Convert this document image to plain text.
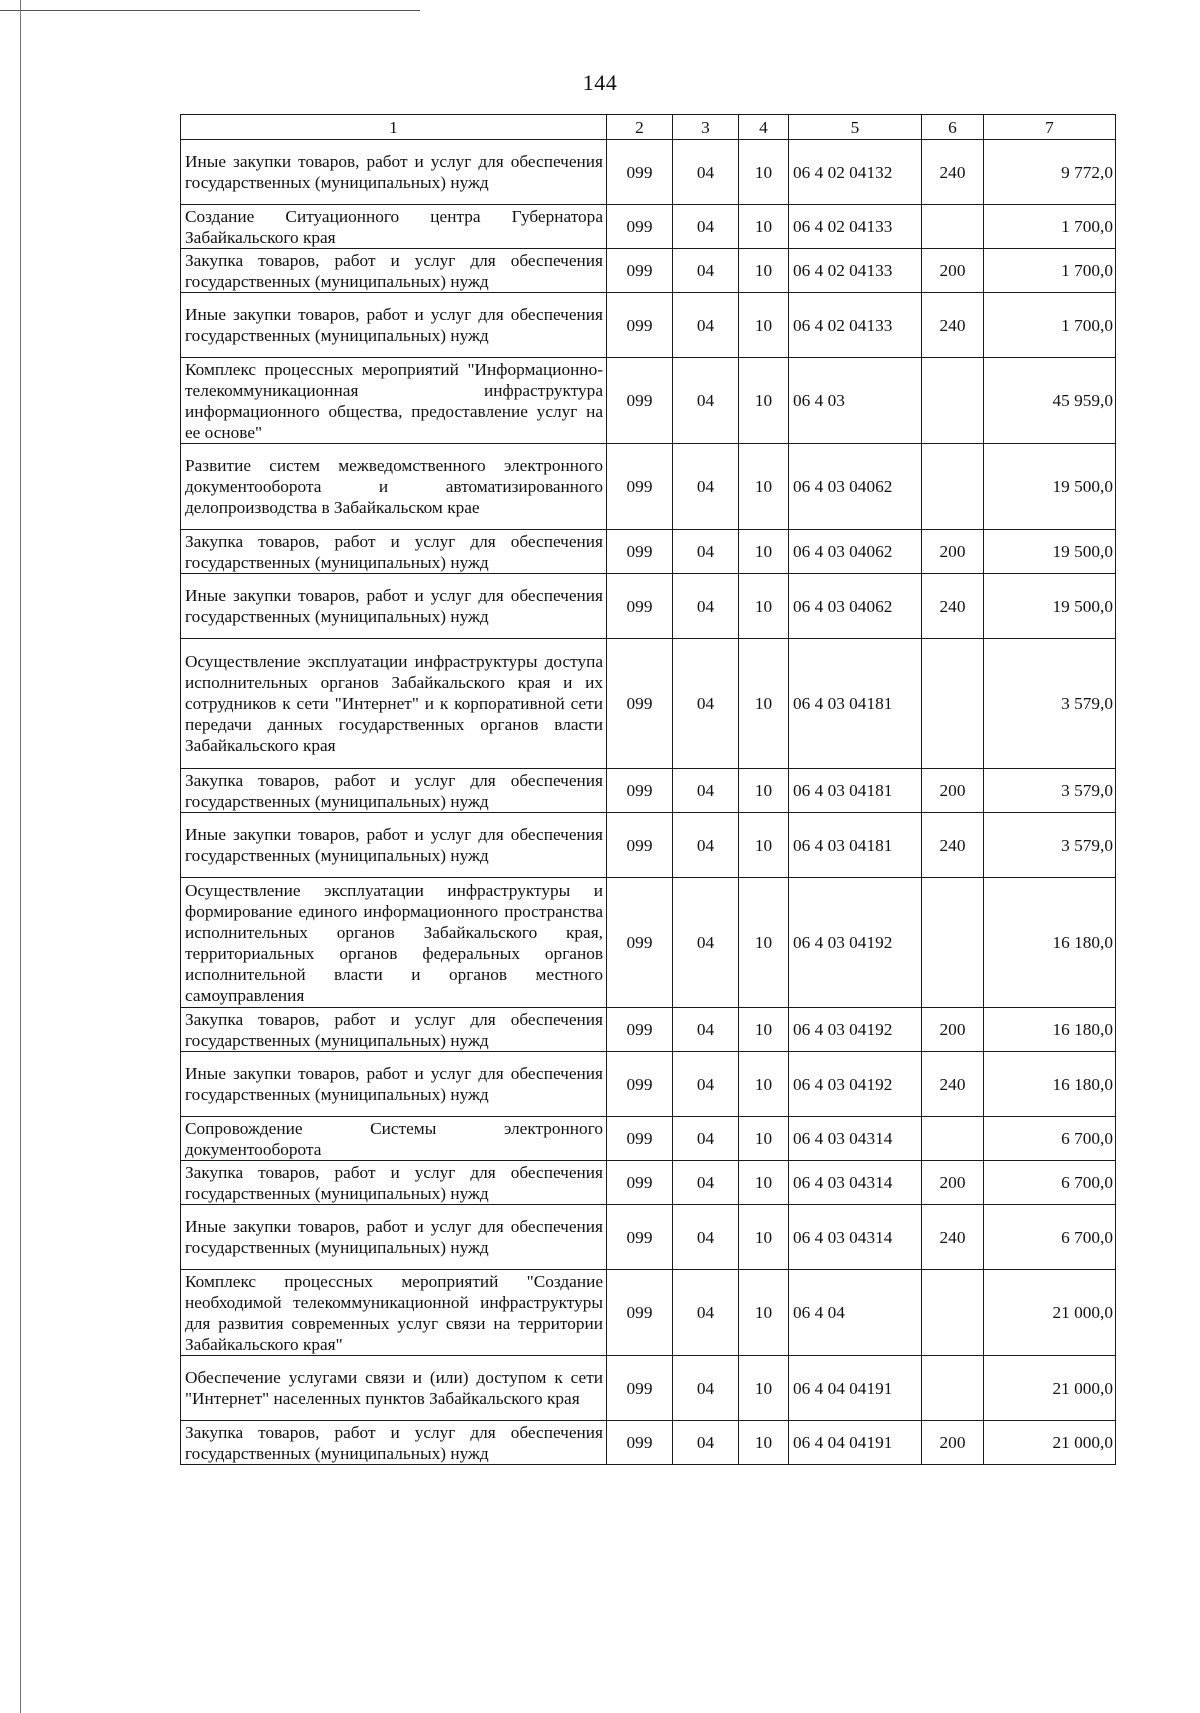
144
1	2	3	4	5	6	7
Иные закупки товаров, работ и услуг для обеспечения государственных (муниципальных) нужд	099	04	10	06 4 02 04132	240	9 772,0
Создание Ситуационного центра Губернатора Забайкальского края	099	04	10	06 4 02 04133		1 700,0
Закупка товаров, работ и услуг для обеспечения государственных (муниципальных) нужд	099	04	10	06 4 02 04133	200	1 700,0
Иные закупки товаров, работ и услуг для обеспечения государственных (муниципальных) нужд	099	04	10	06 4 02 04133	240	1 700,0
Комплекс процессных мероприятий "Информационно-телекоммуникационная инфраструктура информационного общества, предоставление услуг на ее основе"	099	04	10	06 4 03		45 959,0
Развитие систем межведомственного электронного документооборота и автоматизированного делопроизводства в Забайкальском крае	099	04	10	06 4 03 04062		19 500,0
Закупка товаров, работ и услуг для обеспечения государственных (муниципальных) нужд	099	04	10	06 4 03 04062	200	19 500,0
Иные закупки товаров, работ и услуг для обеспечения государственных (муниципальных) нужд	099	04	10	06 4 03 04062	240	19 500,0
Осуществление эксплуатации инфраструктуры доступа исполнительных органов Забайкальского края и их сотрудников к сети "Интернет" и к корпоративной сети передачи данных государственных органов власти Забайкальского края	099	04	10	06 4 03 04181		3 579,0
Закупка товаров, работ и услуг для обеспечения государственных (муниципальных) нужд	099	04	10	06 4 03 04181	200	3 579,0
Иные закупки товаров, работ и услуг для обеспечения государственных (муниципальных) нужд	099	04	10	06 4 03 04181	240	3 579,0
Осуществление эксплуатации инфраструктуры и формирование единого информационного пространства исполнительных органов Забайкальского края, территориальных органов федеральных органов исполнительной власти и органов местного самоуправления	099	04	10	06 4 03 04192		16 180,0
Закупка товаров, работ и услуг для обеспечения государственных (муниципальных) нужд	099	04	10	06 4 03 04192	200	16 180,0
Иные закупки товаров, работ и услуг для обеспечения государственных (муниципальных) нужд	099	04	10	06 4 03 04192	240	16 180,0
Сопровождение Системы электронного документооборота	099	04	10	06 4 03 04314		6 700,0
Закупка товаров, работ и услуг для обеспечения государственных (муниципальных) нужд	099	04	10	06 4 03 04314	200	6 700,0
Иные закупки товаров, работ и услуг для обеспечения государственных (муниципальных) нужд	099	04	10	06 4 03 04314	240	6 700,0
Комплекс процессных мероприятий "Создание необходимой телекоммуникационной инфраструктуры для развития современных услуг связи на территории Забайкальского края"	099	04	10	06 4 04		21 000,0
Обеспечение услугами связи и (или) доступом к сети "Интернет" населенных пунктов Забайкальского края	099	04	10	06 4 04 04191		21 000,0
Закупка товаров, работ и услуг для обеспечения государственных (муниципальных) нужд	099	04	10	06 4 04 04191	200	21 000,0
